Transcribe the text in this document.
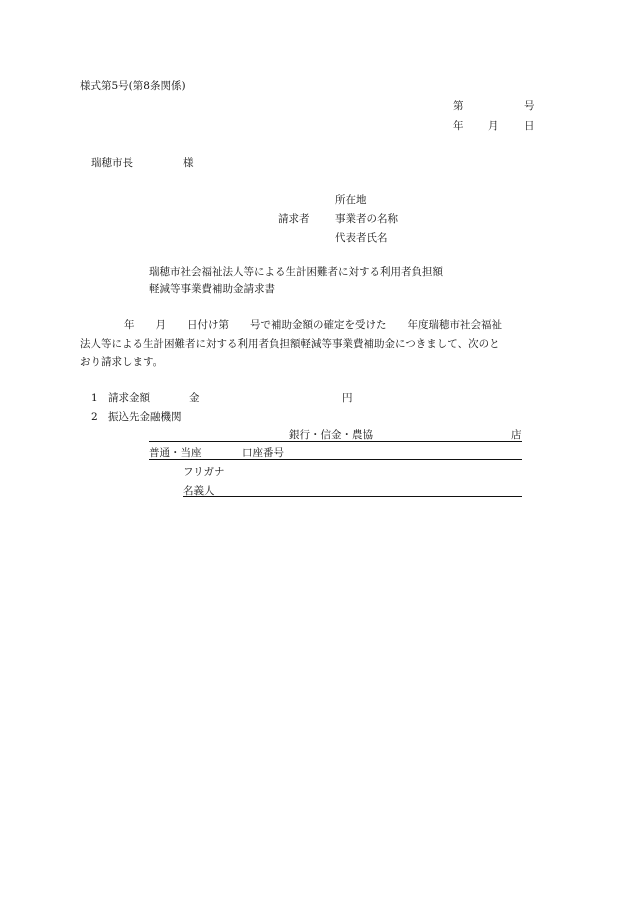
様式第5号(第8条関係)
第	号
年 月 日
瑞穂市長	様
所在地
請求者 事業者の名称
代表者氏名
瑞穂市社会福祉法人等による生計困難者に対する利用者負担額
軽減等事業費補助金請求書
年　　月　　日付け第　　号で補助金額の確定を受けた　　年度瑞穂市社会福祉
法人等による生計困難者に対する利用者負担額軽減等事業費補助金につきまして、次のと
おり請求します。
1 請求金額	金	円
2 振込先金融機関
銀行・信金・農協	店
普通・当座	口座番号
フリガナ
名義人
